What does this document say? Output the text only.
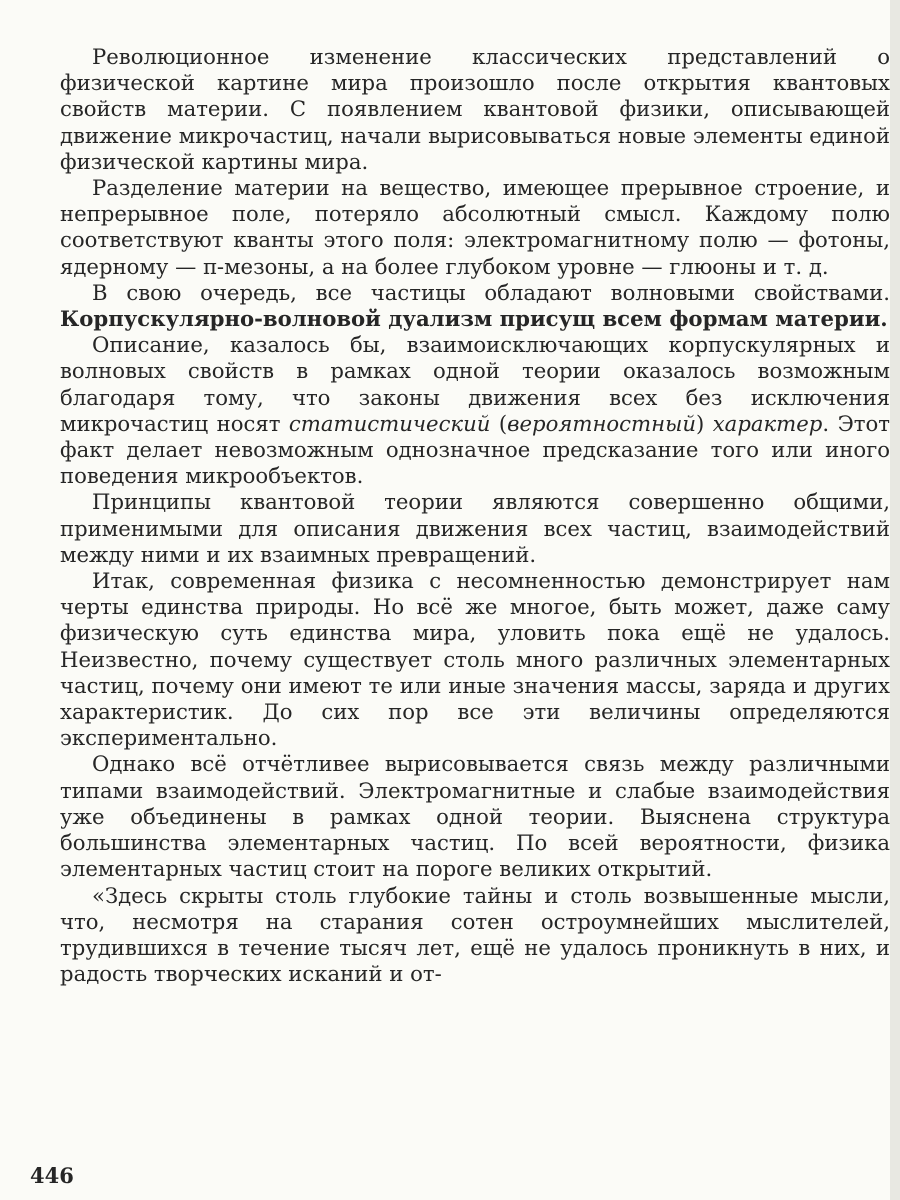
Революционное изменение классических представлений о физической картине мира произошло после открытия квантовых свойств материи. С появлением квантовой физики, описывающей движение микрочастиц, начали вырисовываться новые элементы единой физической картины мира.

Разделение материи на вещество, имеющее прерывное строение, и непрерывное поле, потеряло абсолютный смысл. Каждому полю соответствуют кванты этого поля: электромагнитному полю — фотоны, ядерному — π-мезоны, а на более глубоком уровне — глюоны и т. д.

В свою очередь, все частицы обладают волновыми свойствами. Корпускулярно-волновой дуализм присущ всем формам материи.

Описание, казалось бы, взаимоисключающих корпускулярных и волновых свойств в рамках одной теории оказалось возможным благодаря тому, что законы движения всех без исключения микрочастиц носят статистический (вероятностный) характер. Этот факт делает невозможным однозначное предсказание того или иного поведения микрообъектов.

Принципы квантовой теории являются совершенно общими, применимыми для описания движения всех частиц, взаимодействий между ними и их взаимных превращений.

Итак, современная физика с несомненностью демонстрирует нам черты единства природы. Но всё же многое, быть может, даже саму физическую суть единства мира, уловить пока ещё не удалось. Неизвестно, почему существует столь много различных элементарных частиц, почему они имеют те или иные значения массы, заряда и других характеристик. До сих пор все эти величины определяются экспериментально.

Однако всё отчётливее вырисовывается связь между различными типами взаимодействий. Электромагнитные и слабые взаимодействия уже объединены в рамках одной теории. Выяснена структура большинства элементарных частиц. По всей вероятности, физика элементарных частиц стоит на пороге великих открытий.

«Здесь скрыты столь глубокие тайны и столь возвышенные мысли, что, несмотря на старания сотен остроумнейших мыслителей, трудившихся в течение тысяч лет, ещё не удалось проникнуть в них, и радость творческих исканий и от-

446
